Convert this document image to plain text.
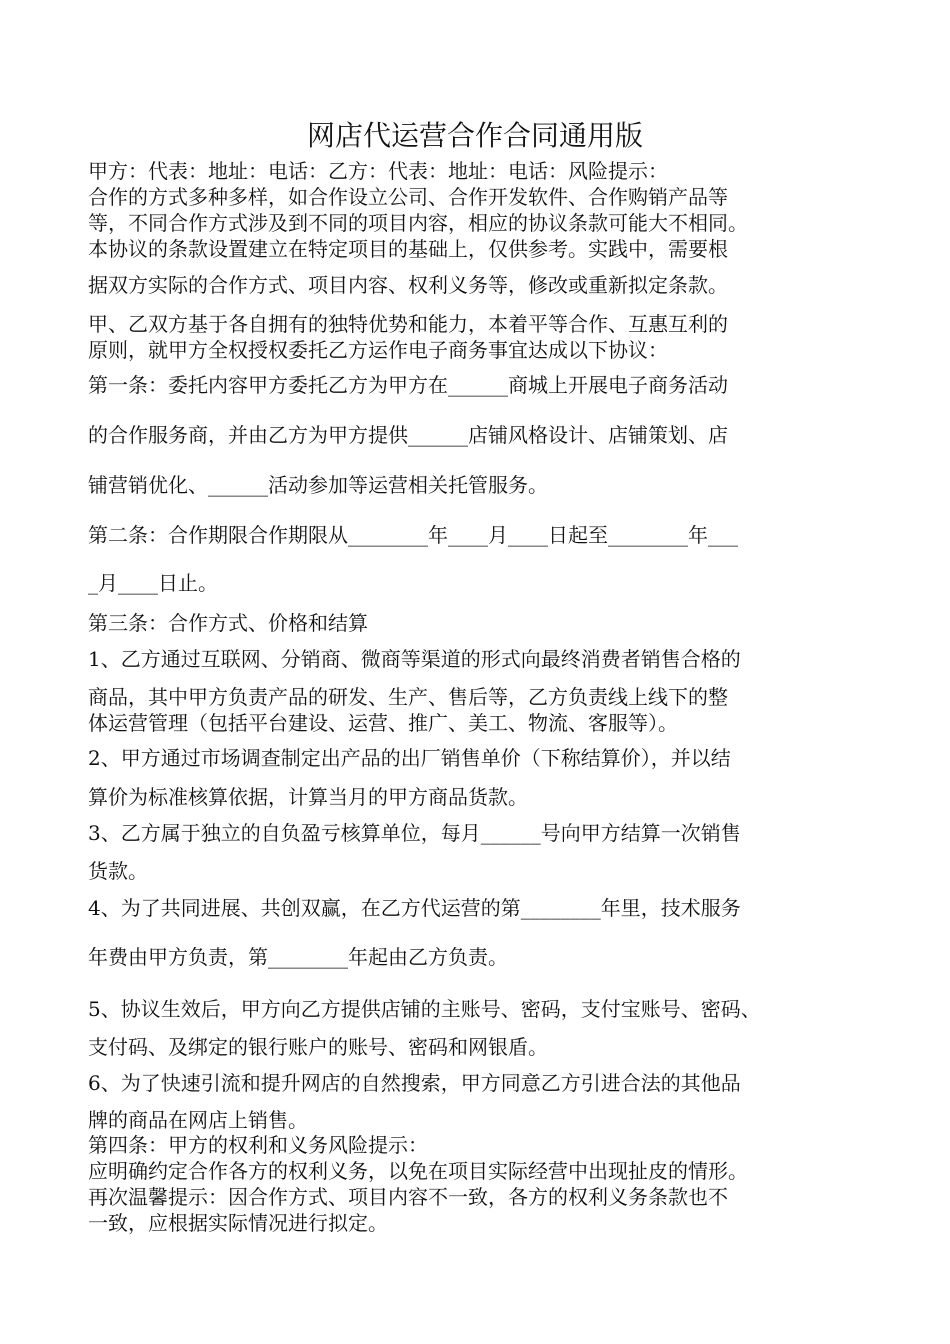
网店代运营合作合同通用版
甲方：代表：地址：电话：乙方：代表：地址：电话：风险提示：
合作的方式多种多样，如合作设立公司、合作开发软件、合作购销产品等
等，不同合作方式涉及到不同的项目内容，相应的协议条款可能大不相同。
本协议的条款设置建立在特定项目的基础上，仅供参考。实践中，需要根
据双方实际的合作方式、项目内容、权利义务等，修改或重新拟定条款。
甲、乙双方基于各自拥有的独特优势和能力，本着平等合作、互惠互利的
原则，就甲方全权授权委托乙方运作电子商务事宜达成以下协议：
第一条：委托内容甲方委托乙方为甲方在______商城上开展电子商务活动
的合作服务商，并由乙方为甲方提供______店铺风格设计、店铺策划、店
铺营销优化、______活动参加等运营相关托管服务。
第二条：合作期限合作期限从________年____月____日起至________年___
_月____日止。
第三条：合作方式、价格和结算
1、乙方通过互联网、分销商、微商等渠道的形式向最终消费者销售合格的
商品，其中甲方负责产品的研发、生产、售后等，乙方负责线上线下的整
体运营管理（包括平台建设、运营、推广、美工、物流、客服等）。
2、甲方通过市场调查制定出产品的出厂销售单价（下称结算价），并以结
算价为标准核算依据，计算当月的甲方商品货款。
3、乙方属于独立的自负盈亏核算单位，每月______号向甲方结算一次销售
货款。
4、为了共同进展、共创双赢，在乙方代运营的第________年里，技术服务
年费由甲方负责，第________年起由乙方负责。
5、协议生效后，甲方向乙方提供店铺的主账号、密码，支付宝账号、密码、
支付码、及绑定的银行账户的账号、密码和网银盾。
6、为了快速引流和提升网店的自然搜索，甲方同意乙方引进合法的其他品
牌的商品在网店上销售。
第四条：甲方的权利和义务风险提示：
应明确约定合作各方的权利义务，以免在项目实际经营中出现扯皮的情形。
再次温馨提示：因合作方式、项目内容不一致，各方的权利义务条款也不
一致，应根据实际情况进行拟定。
